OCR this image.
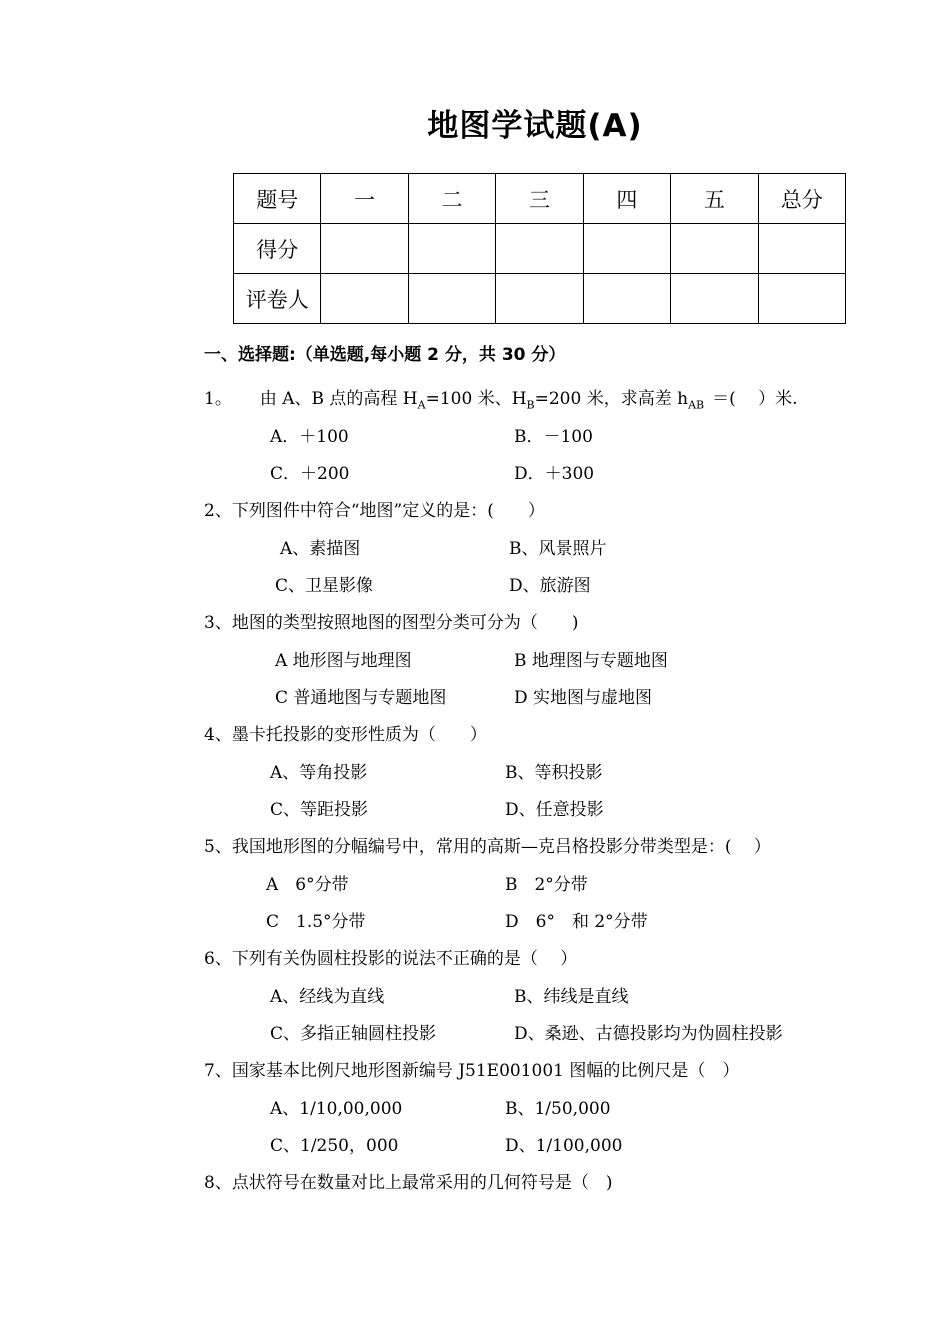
地图学试题(A)
题号	一	二	三	四	五	总分
得分						
评卷人						
一、选择题:（单选题,每小题 2 分，共 30 分）
1。 由 A、B 点的高程 $H_A=100$ 米、$H_B=200$ 米，求高差 $h_{AB}$ ＝(　 ）米.
A．＋100	B．－100
C．＋200	D．＋300
2、下列图件中符合“地图”定义的是：(　　）
A、素描图	B、风景照片
C、卫星影像	D、旅游图
3、地图的类型按照地图的图型分类可分为（　　)
A 地形图与地理图	B 地理图与专题地图
C 普通地图与专题地图	D 实地图与虚地图
4、墨卡托投影的变形性质为（　　）
A、等角投影	B、等积投影
C、等距投影	D、任意投影
5、我国地形图的分幅编号中，常用的高斯—克吕格投影分带类型是：(　 ）
A　6°分带	B　2°分带
C　1.5°分带	D　6°　和 2°分带
6、下列有关伪圆柱投影的说法不正确的是（　 ）
A、经线为直线	B、纬线是直线
C、多指正轴圆柱投影	D、桑逊、古德投影均为伪圆柱投影
7、国家基本比例尺地形图新编号 J51E001001 图幅的比例尺是（　）
A、1/10,00,000	B、1/50,000
C、1/250，000	D、1/100,000
8、点状符号在数量对比上最常采用的几何符号是（　)
